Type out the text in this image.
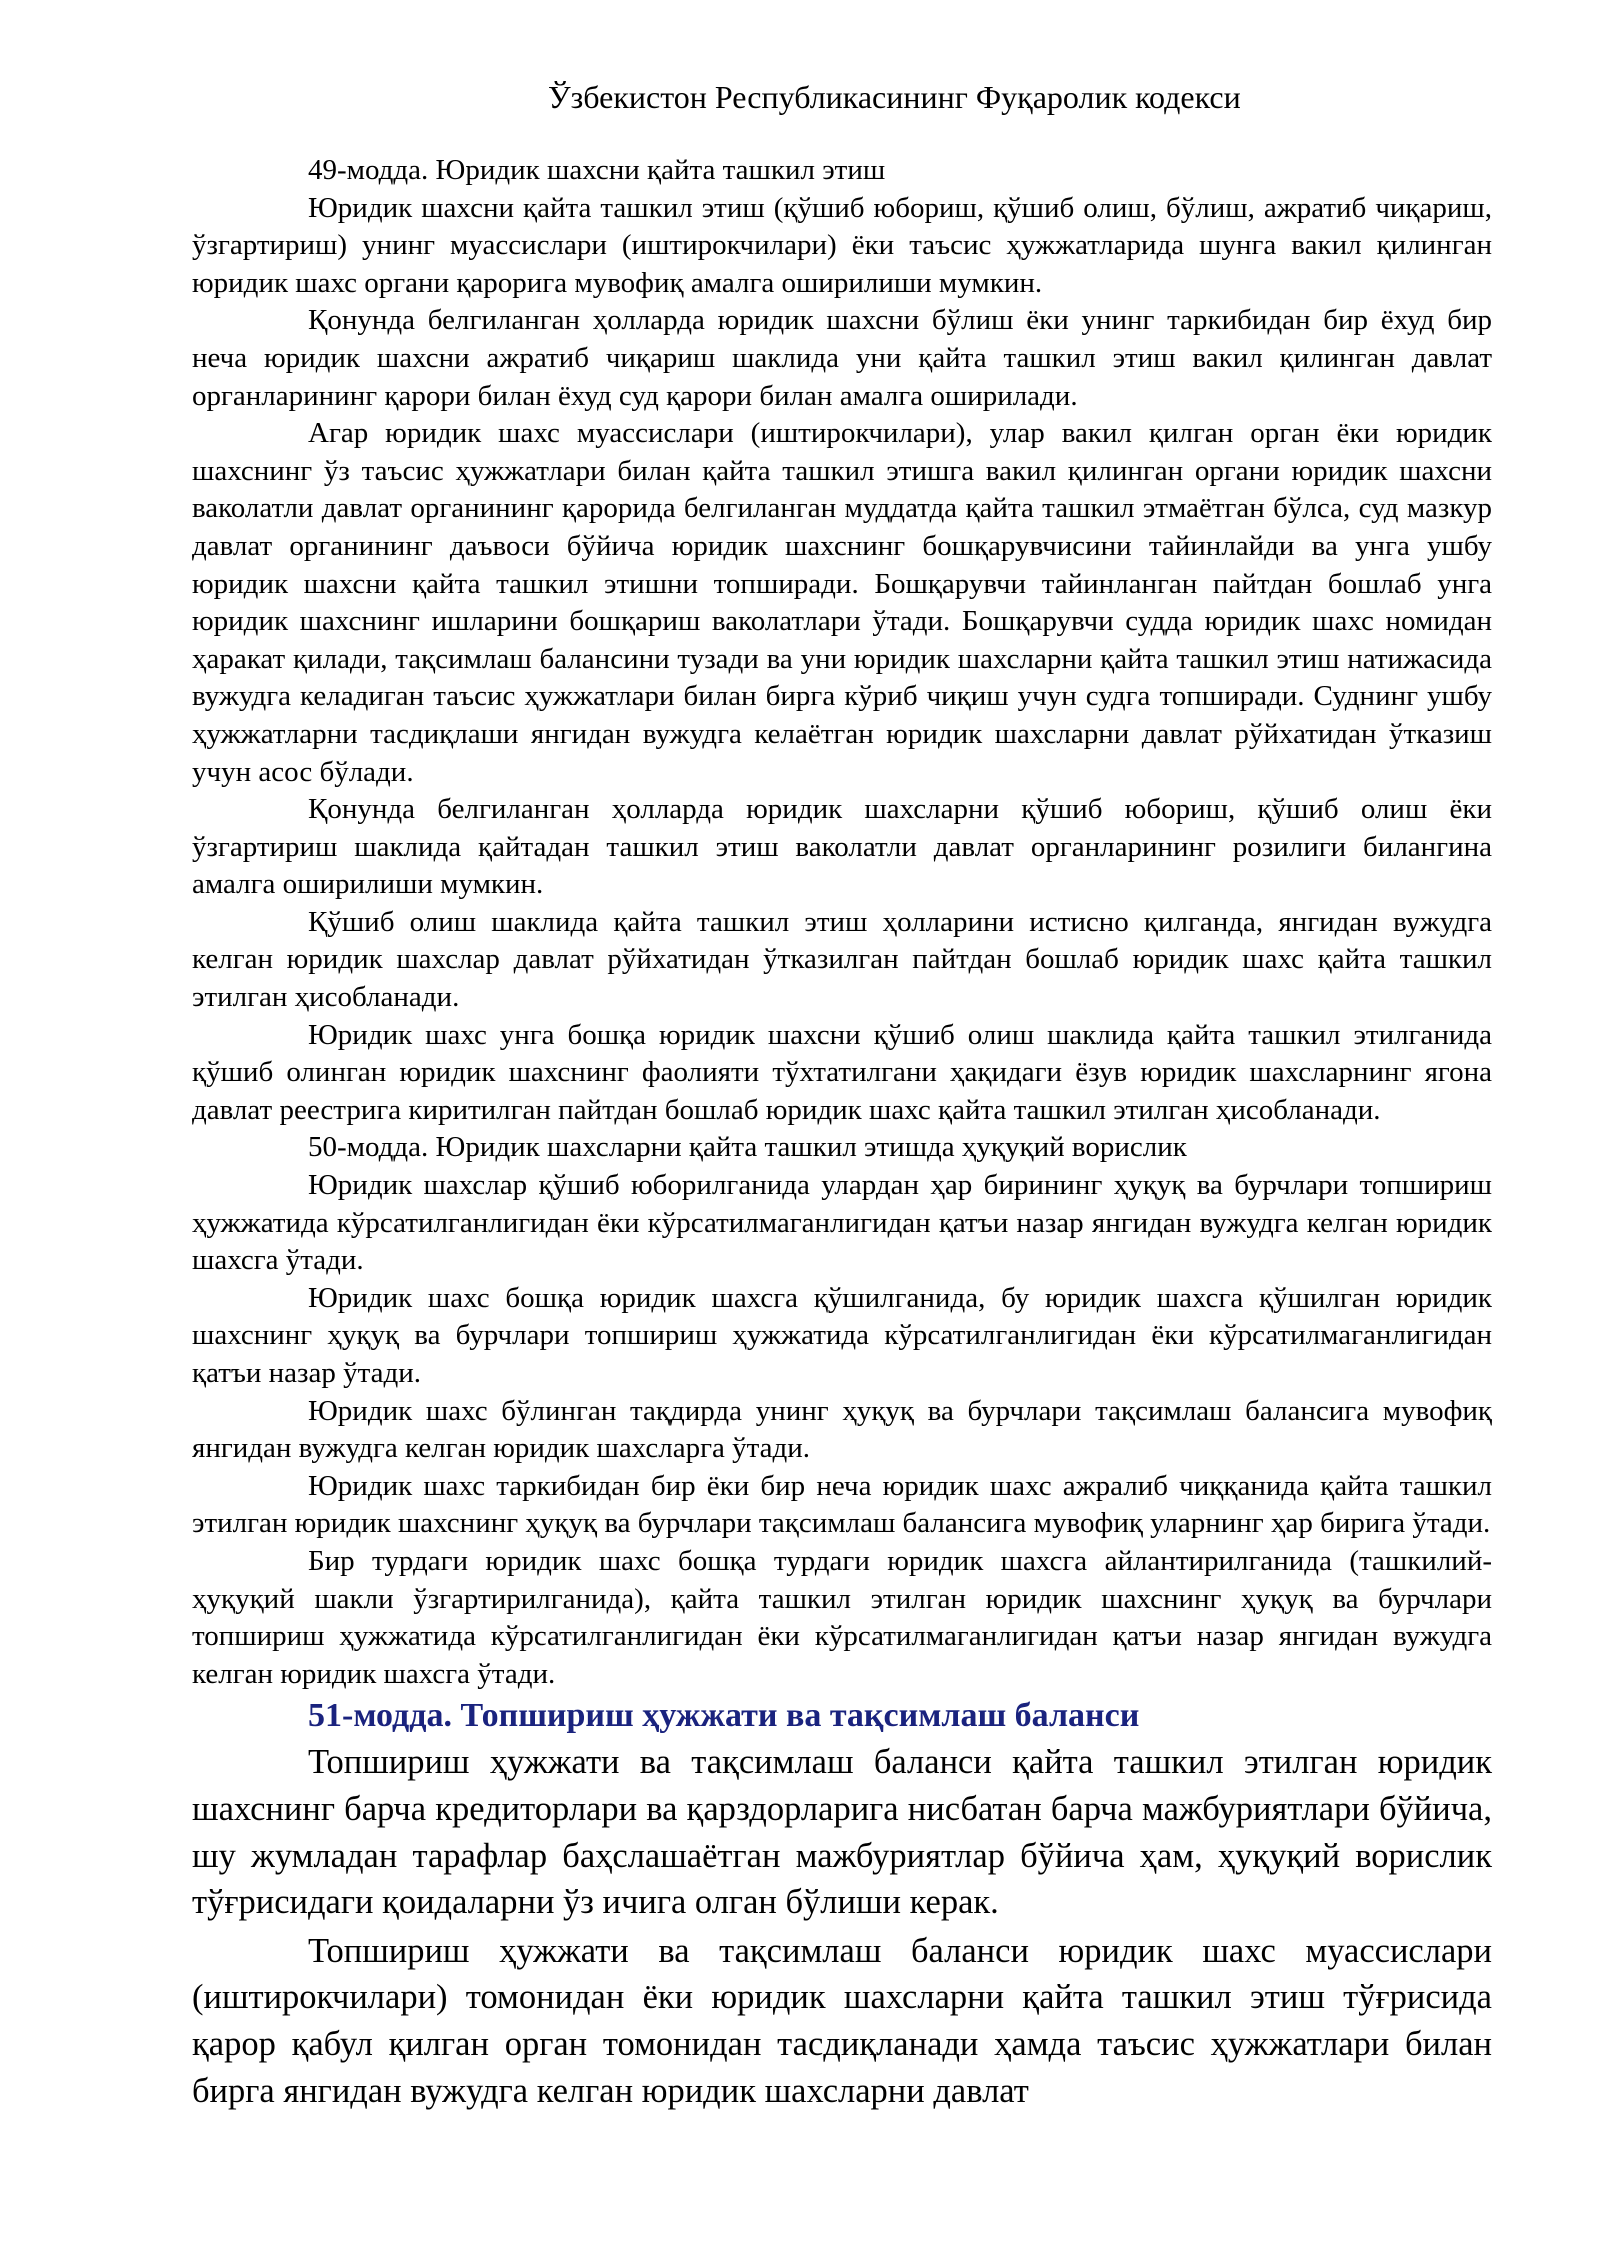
Ўзбекистон Республикасининг Фуқаролик кодекси

49-модда. Юридик шахсни қайта ташкил этиш

Юридик шахсни қайта ташкил этиш (қўшиб юбориш, қўшиб олиш, бўлиш, ажратиб чиқариш, ўзгартириш) унинг муассислари (иштирокчилари) ёки таъсис ҳужжатларида шунга вакил қилинган юридик шахс органи қарорига мувофиқ амалга оширилиши мумкин.

Қонунда белгиланган ҳолларда юридик шахсни бўлиш ёки унинг таркибидан бир ёхуд бир неча юридик шахсни ажратиб чиқариш шаклида уни қайта ташкил этиш вакил қилинган давлат органларининг қарори билан ёхуд суд қарори билан амалга оширилади.

Агар юридик шахс муассислари (иштирокчилари), улар вакил қилган орган ёки юридик шахснинг ўз таъсис ҳужжатлари билан қайта ташкил этишга вакил қилинган органи юридик шахсни ваколатли давлат органининг қарорида белгиланган муддатда қайта ташкил этмаётган бўлса, суд мазкур давлат органининг даъвоси бўйича юридик шахснинг бошқарувчисини тайинлайди ва унга ушбу юридик шахсни қайта ташкил этишни топширади. Бошқарувчи тайинланган пайтдан бошлаб унга юридик шахснинг ишларини бошқариш ваколатлари ўтади. Бошқарувчи судда юридик шахс номидан ҳаракат қилади, тақсимлаш балансини тузади ва уни юридик шахсларни қайта ташкил этиш натижасида вужудга келадиган таъсис ҳужжатлари билан бирга кўриб чиқиш учун судга топширади. Суднинг ушбу ҳужжатларни тасдиқлаши янгидан вужудга келаётган юридик шахсларни давлат рўйхатидан ўтказиш учун асос бўлади.

Қонунда белгиланган ҳолларда юридик шахсларни қўшиб юбориш, қўшиб олиш ёки ўзгартириш шаклида қайтадан ташкил этиш ваколатли давлат органларининг розилиги билангина амалга оширилиши мумкин.

Қўшиб олиш шаклида қайта ташкил этиш ҳолларини истисно қилганда, янгидан вужудга келган юридик шахслар давлат рўйхатидан ўтказилган пайтдан бошлаб юридик шахс қайта ташкил этилган ҳисобланади.

Юридик шахс унга бошқа юридик шахсни қўшиб олиш шаклида қайта ташкил этилганида қўшиб олинган юридик шахснинг фаолияти тўхтатилгани ҳақидаги ёзув юридик шахсларнинг ягона давлат реестрига киритилган пайтдан бошлаб юридик шахс қайта ташкил этилган ҳисобланади.

50-модда. Юридик шахсларни қайта ташкил этишда ҳуқуқий ворислик

Юридик шахслар қўшиб юборилганида улардан ҳар бирининг ҳуқуқ ва бурчлари топшириш ҳужжатида кўрсатилганлигидан ёки кўрсатилмаганлигидан қатъи назар янгидан вужудга келган юридик шахсга ўтади.

Юридик шахс бошқа юридик шахсга қўшилганида, бу юридик шахсга қўшилган юридик шахснинг ҳуқуқ ва бурчлари топшириш ҳужжатида кўрсатилганлигидан ёки кўрсатилмаганлигидан қатъи назар ўтади.

Юридик шахс бўлинган тақдирда унинг ҳуқуқ ва бурчлари тақсимлаш балансига мувофиқ янгидан вужудга келган юридик шахсларга ўтади.

Юридик шахс таркибидан бир ёки бир неча юридик шахс ажралиб чиққанида қайта ташкил этилган юридик шахснинг ҳуқуқ ва бурчлари тақсимлаш балансига мувофиқ уларнинг ҳар бирига ўтади.

Бир турдаги юридик шахс бошқа турдаги юридик шахсга айлантирилганида (ташкилий-ҳуқуқий шакли ўзгартирилганида), қайта ташкил этилган юридик шахснинг ҳуқуқ ва бурчлари топшириш ҳужжатида кўрсатилганлигидан ёки кўрсатилмаганлигидан қатъи назар янгидан вужудга келган юридик шахсга ўтади.

51-модда. Топшириш ҳужжати ва тақсимлаш баланси

Топшириш ҳужжати ва тақсимлаш баланси қайта ташкил этилган юридик шахснинг барча кредиторлари ва қарздорларига нисбатан барча мажбуриятлари бўйича, шу жумладан тарафлар баҳслашаётган мажбуриятлар бўйича ҳам, ҳуқуқий ворислик тўғрисидаги қоидаларни ўз ичига олган бўлиши керак.

Топшириш ҳужжати ва тақсимлаш баланси юридик шахс муассислари (иштирокчилари) томонидан ёки юридик шахсларни қайта ташкил этиш тўғрисида қарор қабул қилган орган томонидан тасдиқланади ҳамда таъсис ҳужжатлари билан бирга янгидан вужудга келган юридик шахсларни давлат
